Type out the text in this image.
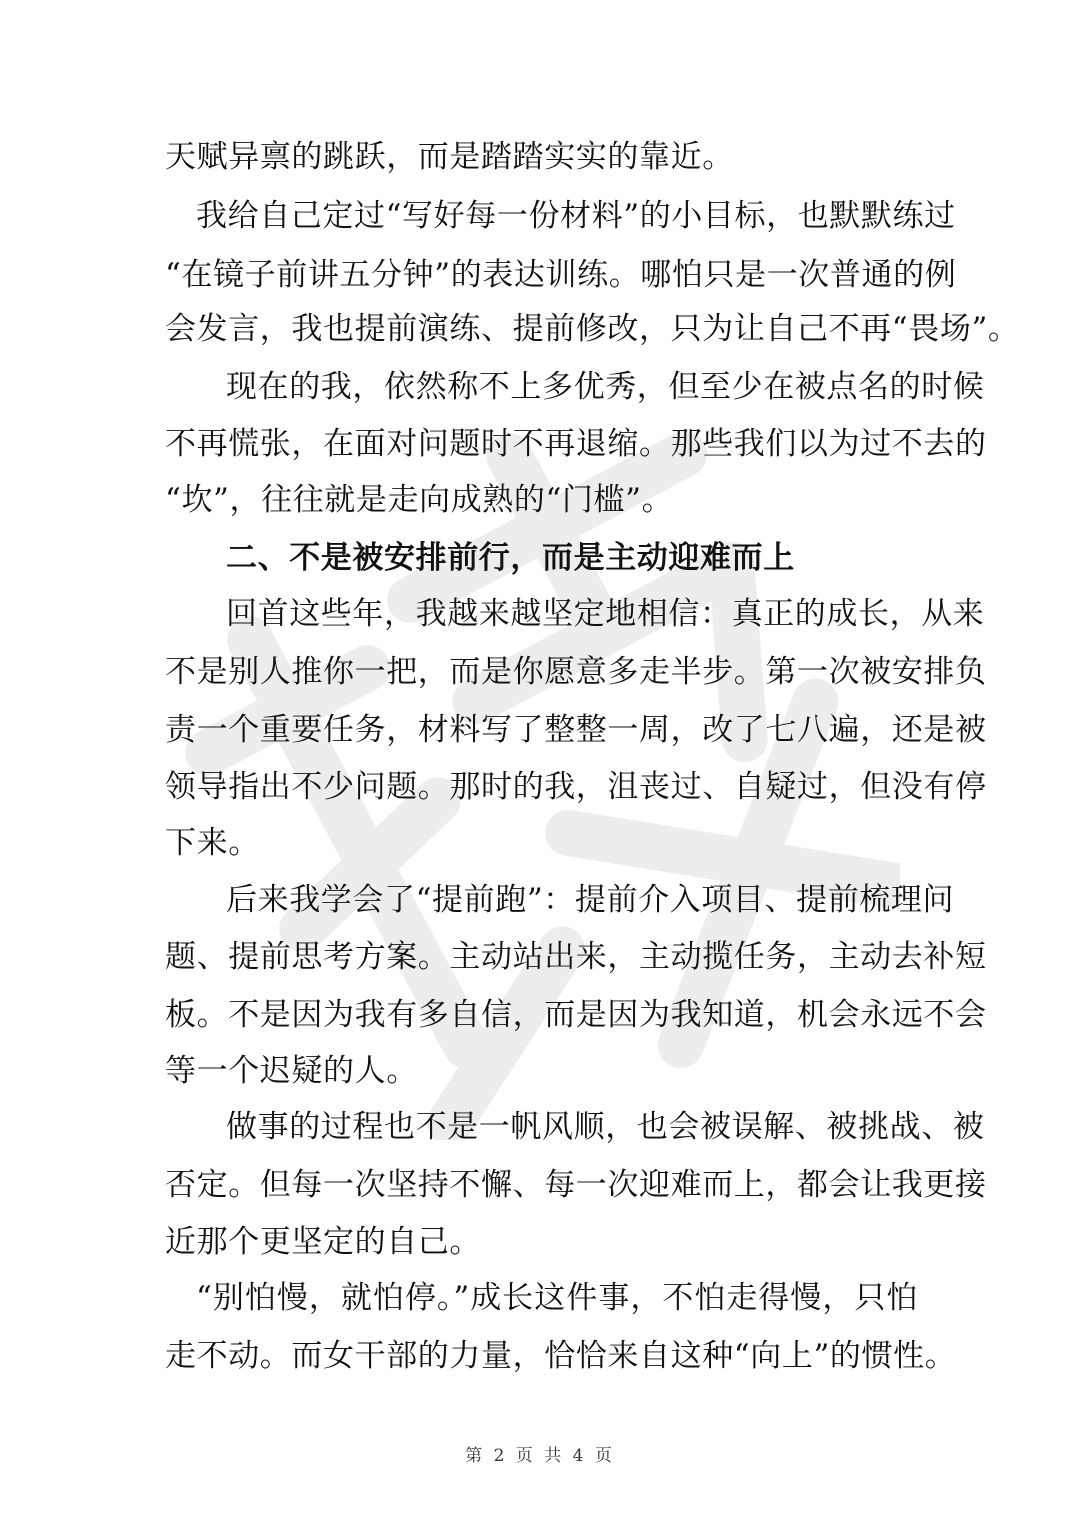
天赋异禀的跳跃，而是踏踏实实的靠近。
我给自己定过“写好每一份材料”的小目标，也默默练过
“在镜子前讲五分钟”的表达训练。哪怕只是一次普通的例
会发言，我也提前演练、提前修改，只为让自己不再“畏场”。
现在的我，依然称不上多优秀，但至少在被点名的时候
不再慌张，在面对问题时不再退缩。那些我们以为过不去的
“坎”，往往就是走向成熟的“门槛”。
二、不是被安排前行，而是主动迎难而上
回首这些年，我越来越坚定地相信：真正的成长，从来
不是别人推你一把，而是你愿意多走半步。第一次被安排负
责一个重要任务，材料写了整整一周，改了七八遍，还是被
领导指出不少问题。那时的我，沮丧过、自疑过，但没有停
下来。
后来我学会了“提前跑”：提前介入项目、提前梳理问
题、提前思考方案。主动站出来，主动揽任务，主动去补短
板。不是因为我有多自信，而是因为我知道，机会永远不会
等一个迟疑的人。
做事的过程也不是一帆风顺，也会被误解、被挑战、被
否定。但每一次坚持不懈、每一次迎难而上，都会让我更接
近那个更坚定的自己。
“别怕慢，就怕停。”成长这件事，不怕走得慢，只怕
走不动。而女干部的力量，恰恰来自这种“向上”的惯性。
第 2 页 共 4 页
